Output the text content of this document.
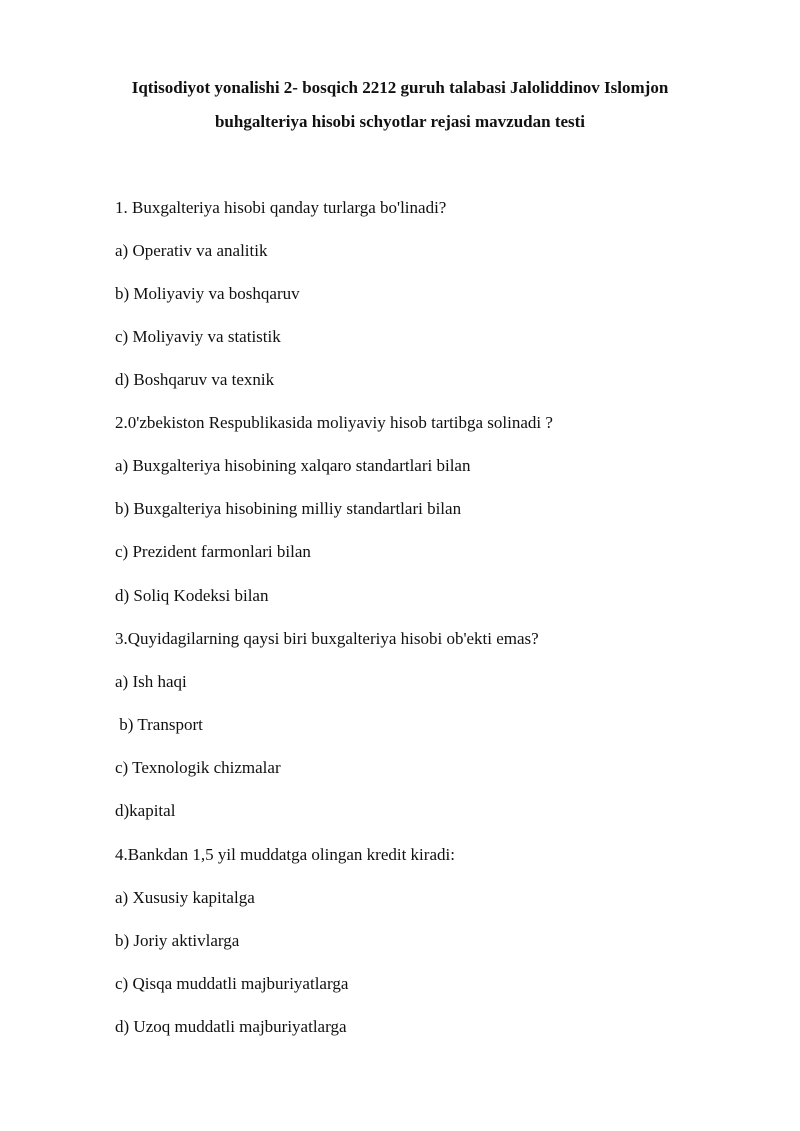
Iqtisodiyot yonalishi 2- bosqich 2212 guruh talabasi Jaloliddinov Islomjon
buhgalteriya hisobi schyotlar rejasi mavzudan testi

1. Buxgalteriya hisobi qanday turlarga bo'linadi?

a) Operativ va analitik

b) Moliyaviy va boshqaruv

c) Moliyaviy va statistik

d) Boshqaruv va texnik

2.0'zbekiston Respublikasida moliyaviy hisob tartibga solinadi ?

a) Buxgalteriya hisobining xalqaro standartlari bilan

b) Buxgalteriya hisobining milliy standartlari bilan

c) Prezident farmonlari bilan

d) Soliq Kodeksi bilan

3.Quyidagilarning qaysi biri buxgalteriya hisobi ob'ekti emas?

a) Ish haqi

b) Transport

c) Texnologik chizmalar

d)kapital

4.Bankdan 1,5 yil muddatga olingan kredit kiradi:

a) Xususiy kapitalga

b) Joriy aktivlarga

c) Qisqa muddatli majburiyatlarga

d) Uzoq muddatli majburiyatlarga
